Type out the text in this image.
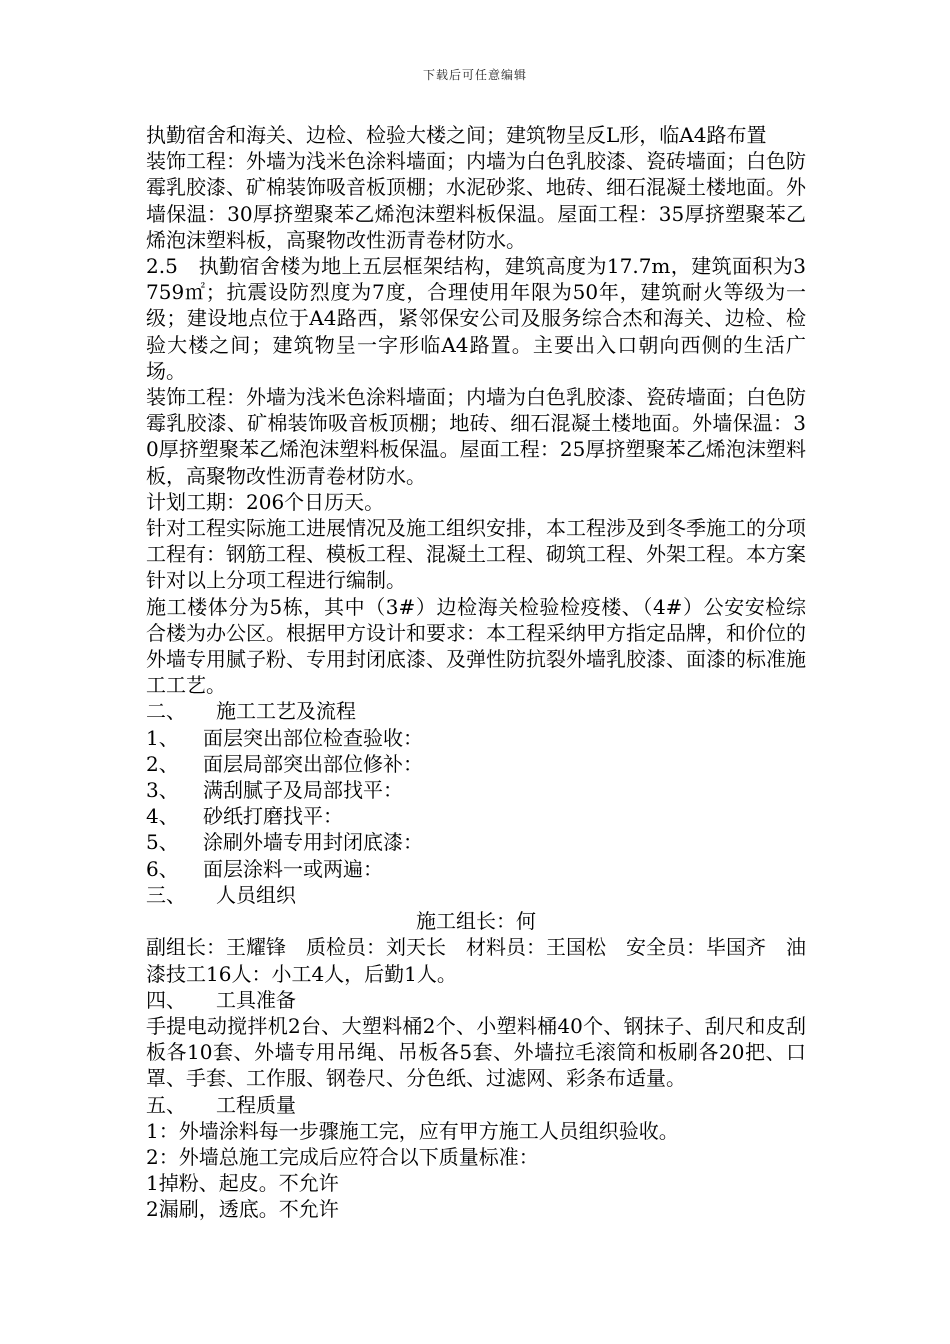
下载后可任意编辑

执勤宿舍和海关、边检、检验大楼之间；建筑物呈反L形，临A4路布置

装饰工程：外墙为浅米色涂料墙面；内墙为白色乳胶漆、瓷砖墙面；白色防霉乳胶漆、矿棉装饰吸音板顶棚；水泥砂浆、地砖、细石混凝土楼地面。外墙保温：30厚挤塑聚苯乙烯泡沫塑料板保温。屋面工程：35厚挤塑聚苯乙烯泡沫塑料板，高聚物改性沥青卷材防水。

2.5　执勤宿舍楼为地上五层框架结构，建筑高度为17.7m，建筑面积为3759㎡；抗震设防烈度为7度，合理使用年限为50年，建筑耐火等级为一级；建设地点位于A4路西，紧邻保安公司及服务综合杰和海关、边检、检验大楼之间；建筑物呈一字形临A4路置。主要出入口朝向西侧的生活广场。

装饰工程：外墙为浅米色涂料墙面；内墙为白色乳胶漆、瓷砖墙面；白色防霉乳胶漆、矿棉装饰吸音板顶棚；地砖、细石混凝土楼地面。外墙保温：30厚挤塑聚苯乙烯泡沫塑料板保温。屋面工程：25厚挤塑聚苯乙烯泡沫塑料板，高聚物改性沥青卷材防水。

计划工期：206个日历天。

针对工程实际施工进展情况及施工组织安排，本工程涉及到冬季施工的分项工程有：钢筋工程、模板工程、混凝土工程、砌筑工程、外架工程。本方案针对以上分项工程进行编制。

施工楼体分为5栋，其中（3#）边检海关检验检疫楼、（4#）公安安检综合楼为办公区。根据甲方设计和要求：本工程采纳甲方指定品牌，和价位的外墙专用腻子粉、专用封闭底漆、及弹性防抗裂外墙乳胶漆、面漆的标准施工工艺。

二、 施工工艺及流程

1、 面层突出部位检查验收：

2、 面层局部突出部位修补：

3、 满刮腻子及局部找平：

4、 砂纸打磨找平：

5、 涂刷外墙专用封闭底漆：

6、 面层涂料一或两遍：

三、 人员组织

施工组长：何

副组长：王耀锋　质检员：刘天长　材料员：王国松　安全员：毕国齐　油漆技工16人：小工4人，后勤1人。

四、 工具准备

手提电动搅拌机2台、大塑料桶2个、小塑料桶40个、钢抹子、刮尺和皮刮板各10套、外墙专用吊绳、吊板各5套、外墙拉毛滚筒和板刷各20把、口罩、手套、工作服、钢卷尺、分色纸、过滤网、彩条布适量。

五、 工程质量

1：外墙涂料每一步骤施工完，应有甲方施工人员组织验收。

2：外墙总施工完成后应符合以下质量标准：

1掉粉、起皮。不允许

2漏刷，透底。不允许
